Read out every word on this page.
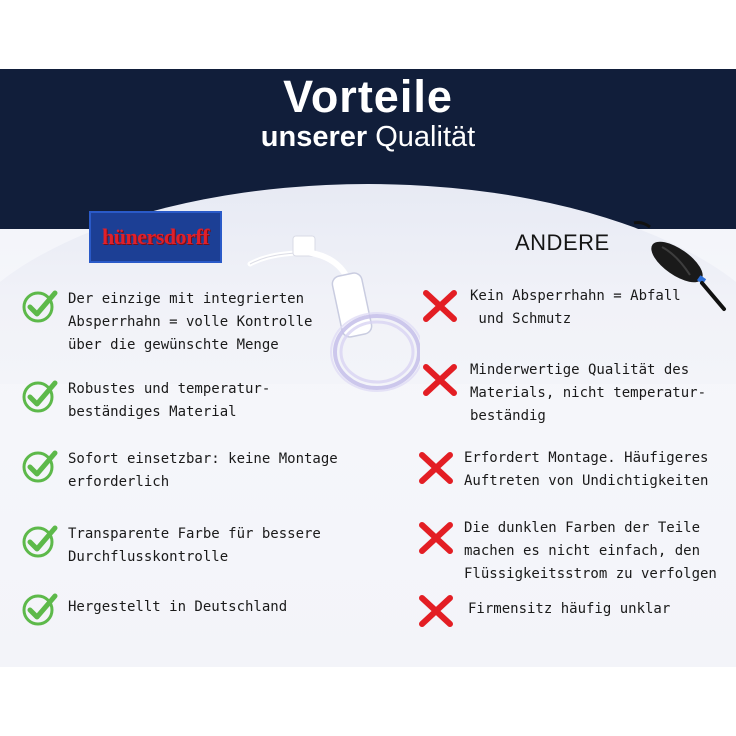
Vorteile
unserer Qualität
hünersdorff	ANDERE
Der einzige mit integrierten
Absperrhahn = volle Kontrolle
über die gewünschte Menge
Robustes und temperatur-
beständiges Material
Sofort einsetzbar: keine Montage
erforderlich
Transparente Farbe für bessere
Durchflusskontrolle
Hergestellt in Deutschland
Kein Absperrhahn = Abfall
und Schmutz
Minderwertige Qualität des
Materials, nicht temperatur-
beständig
Erfordert Montage. Häufigeres
Auftreten von Undichtigkeiten
Die dunklen Farben der Teile
machen es nicht einfach, den
Flüssigkeitsstrom zu verfolgen
Firmensitz häufig unklar
